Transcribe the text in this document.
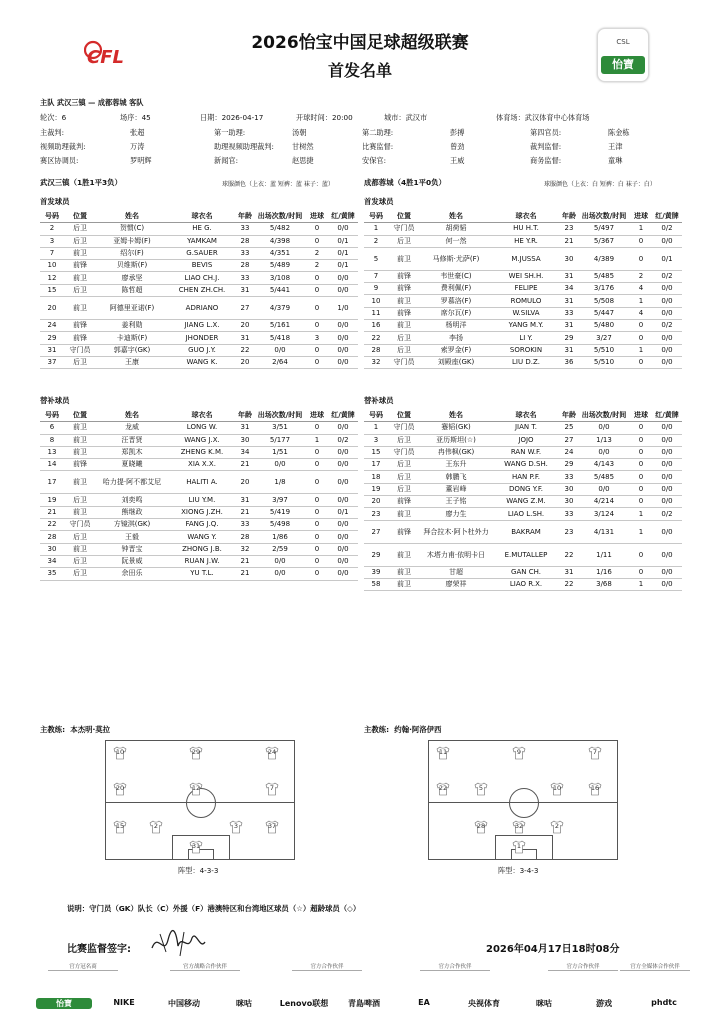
CFL
2026怡宝中国足球超级联赛
首发名单
CSL
怡寶
主队 武汉三镇 — 成都蓉城 客队
轮次：6	场序：45	日期：2026-04-17	开球时间：20:00	城市：武汉市	体育场：武汉体育中心体育场
主裁判:	张超	第一助理:	汤朝	第二助理:	彭搏	第四官员:	陈金栋
视频助理裁判:	万涛	助理视频助理裁判:	甘树然	比赛监督:	曾劲	裁判监督:	王津
赛区协调员:	罗明辉	新闻官:	赵思捷	安保官:	王威	商务监督:	童琳
武汉三镇（1胜1平3负）	球服颜色（上衣：蓝 短裤：蓝 袜子：蓝）	成都蓉城（4胜1平0负）	球服颜色（上衣：白 短裤：白 袜子：白）
首发球员	首发球员
号码	位置	姓名	球衣名	年龄	出场次数/时间	进球	红/黄牌
2	后卫	贺惯(C)	HE G.	33	5/482	0	0/0
3	后卫	亚姆卡姆(F)	YAMKAM	28	4/398	0	0/1
7	前卫	绍尔(F)	G.SAUER	33	4/351	2	0/1
10	前锋	贝维斯(F)	BEVIS	28	5/489	2	0/1
12	前卫	廖承坚	LIAO CH.J.	33	3/108	0	0/0
15	后卫	陈哲超	CHEN ZH.CH.	31	5/441	0	0/0
20	前卫	阿德里亚诺(F)	ADRIANO	27	4/379	0	1/0
24	前锋	姜利勋	JIANG L.X.	20	5/161	0	0/0
29	前锋	卡迪斯(F)	JHONDER	31	5/418	3	0/0
31	守门员	郭嘉宇(GK)	GUO J.Y.	22	0/0	0	0/0
37	后卫	王康	WANG K.	20	2/64	0	0/0
号码	位置	姓名	球衣名	年龄	出场次数/时间	进球	红/黄牌
1	守门员	胡荷韬	HU H.T.	23	5/497	1	0/2
2	后卫	何一然	HE Y.R.	21	5/367	0	0/0
5	前卫	马修斯·尤萨(F)	M.JUSSA	30	4/389	0	0/1
7	前锋	韦世豪(C)	WEI SH.H.	31	5/485	2	0/2
9	前锋	费利佩(F)	FELIPE	34	3/176	4	0/0
10	前卫	罗慕洛(F)	ROMULO	31	5/508	1	0/0
11	前锋	席尔瓦(F)	W.SILVA	33	5/447	4	0/0
16	前卫	杨明洋	YANG M.Y.	31	5/480	0	0/2
22	后卫	李扬	LI Y.	29	3/27	0	0/0
28	后卫	索罗金(F)	SOROKIN	31	5/510	1	0/0
32	守门员	刘殿座(GK)	LIU D.Z.	36	5/510	0	0/0
替补球员	替补球员
号码	位置	姓名	球衣名	年龄	出场次数/时间	进球	红/黄牌
6	前卫	龙威	LONG W.	31	3/51	0	0/0
8	前卫	汪晋贤	WANG J.X.	30	5/177	1	0/2
13	前卫	郑凯木	ZHENG K.M.	34	1/51	0	0/0
14	前锋	夏晓曦	XIA X.X.	21	0/0	0	0/0
17	前卫	哈力提·阿不都艾尼	HALITI A.	20	1/8	0	0/0
19	后卫	刘奕鸣	LIU Y.M.	31	3/97	0	0/0
21	前卫	熊继政	XIONG J.ZH.	21	5/419	0	0/1
22	守门员	方镜淇(GK)	FANG J.Q.	33	5/498	0	0/0
28	后卫	王毅	WANG Y.	28	1/86	0	0/0
30	前卫	钟晋宝	ZHONG J.B.	32	2/59	0	0/0
34	后卫	阮景威	RUAN J.W.	21	0/0	0	0/0
35	后卫	余田乐	YU T.L.	21	0/0	0	0/0
号码	位置	姓名	球衣名	年龄	出场次数/时间	进球	红/黄牌
1	守门员	蹇韬(GK)	JIAN T.	25	0/0	0	0/0
3	后卫	亚历斯坦(☆)	JOJO	27	1/13	0	0/0
15	守门员	冉伟枫(GK)	RAN W.F.	24	0/0	0	0/0
17	后卫	王东升	WANG D.SH.	29	4/143	0	0/0
18	后卫	韩鹏飞	HAN P.F.	33	5/485	0	0/0
19	后卫	董岩峰	DONG Y.F.	30	0/0	0	0/0
20	前锋	王子铭	WANG Z.M.	30	4/214	0	0/0
23	前卫	廖力生	LIAO L.SH.	33	3/124	1	0/2
27	前锋	拜合拉木·阿卜杜外力	BAKRAM	23	4/131	1	0/0
29	前卫	木塔力甫·依明卡日	E.MUTALLEP	22	1/11	0	0/0
39	前卫	甘超	GAN CH.	31	1/16	0	0/0
58	前卫	廖荣祥	LIAO R.X.	22	3/68	1	0/0
主教练: 本杰明·莫拉	主教练: 约翰·阿洛伊西
10	29	24
20	12	7
15	2	3	37
31
11	9	7
22	5	10	16
28	32	2
1
阵型：4-3-3	阵型：3-4-3
说明：守门员（GK）队长（C）外援（F）港澳特区和台湾地区球员（☆）超龄球员（◇）
比赛监督签字:	2026年04月17日18时08分
官方冠名商	官方战略合作伙伴	官方合作伙伴	官方合作伙伴	官方合作伙伴	官方全媒体合作伙伴
怡寶	NIKE	中国移动	咪咕	Lenovo联想	青島啤酒	EA	央视体育	咪咕	游戏	phdtc
